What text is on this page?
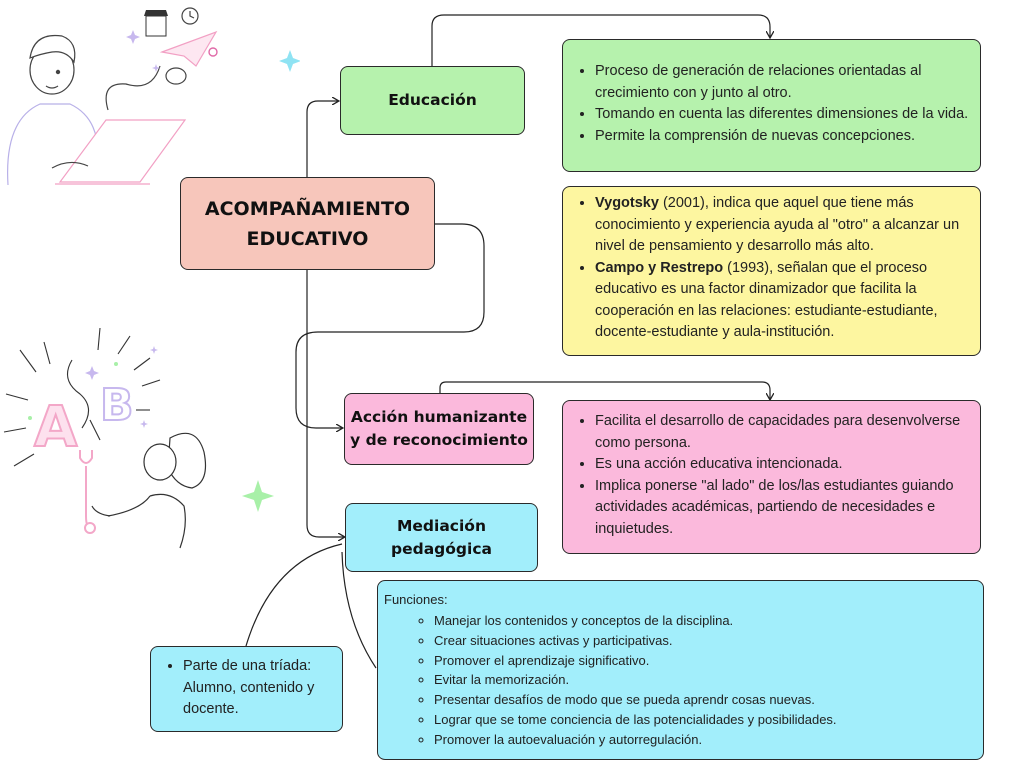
ACOMPAÑAMIENTO EDUCATIVO
Educación
• Proceso de generación de relaciones orientadas al crecimiento con y junto al otro.
• Tomando en cuenta las diferentes dimensiones de la vida.
• Permite la comprensión de nuevas concepciones.
• Vygotsky (2001), indica que aquel que tiene más conocimiento y experiencia ayuda al "otro" a alcanzar un nivel de pensamiento y desarrollo más alto.
• Campo y Restrepo (1993), señalan que el proceso educativo es una factor dinamizador que facilita la cooperación en las relaciones: estudiante-estudiante, docente-estudiante y aula-institución.
Acción humanizante y de reconocimiento
• Facilita el desarrollo de capacidades para desenvolverse como persona.
• Es una acción educativa intencionada.
• Implica ponerse "al lado" de los/las estudiantes guiando actividades académicas, partiendo de necesidades e inquietudes.
Mediación pedagógica
Funciones:
◦ Manejar los contenidos y conceptos de la disciplina.
◦ Crear situaciones activas y participativas.
◦ Promover el aprendizaje significativo.
◦ Evitar la memorización.
◦ Presentar desafíos de modo que se pueda aprendr cosas nuevas.
◦ Lograr que se tome conciencia de las potencialidades y posibilidades.
◦ Promover la autoevaluación y autorregulación.
• Parte de una tríada: Alumno, contenido y docente.
A B
